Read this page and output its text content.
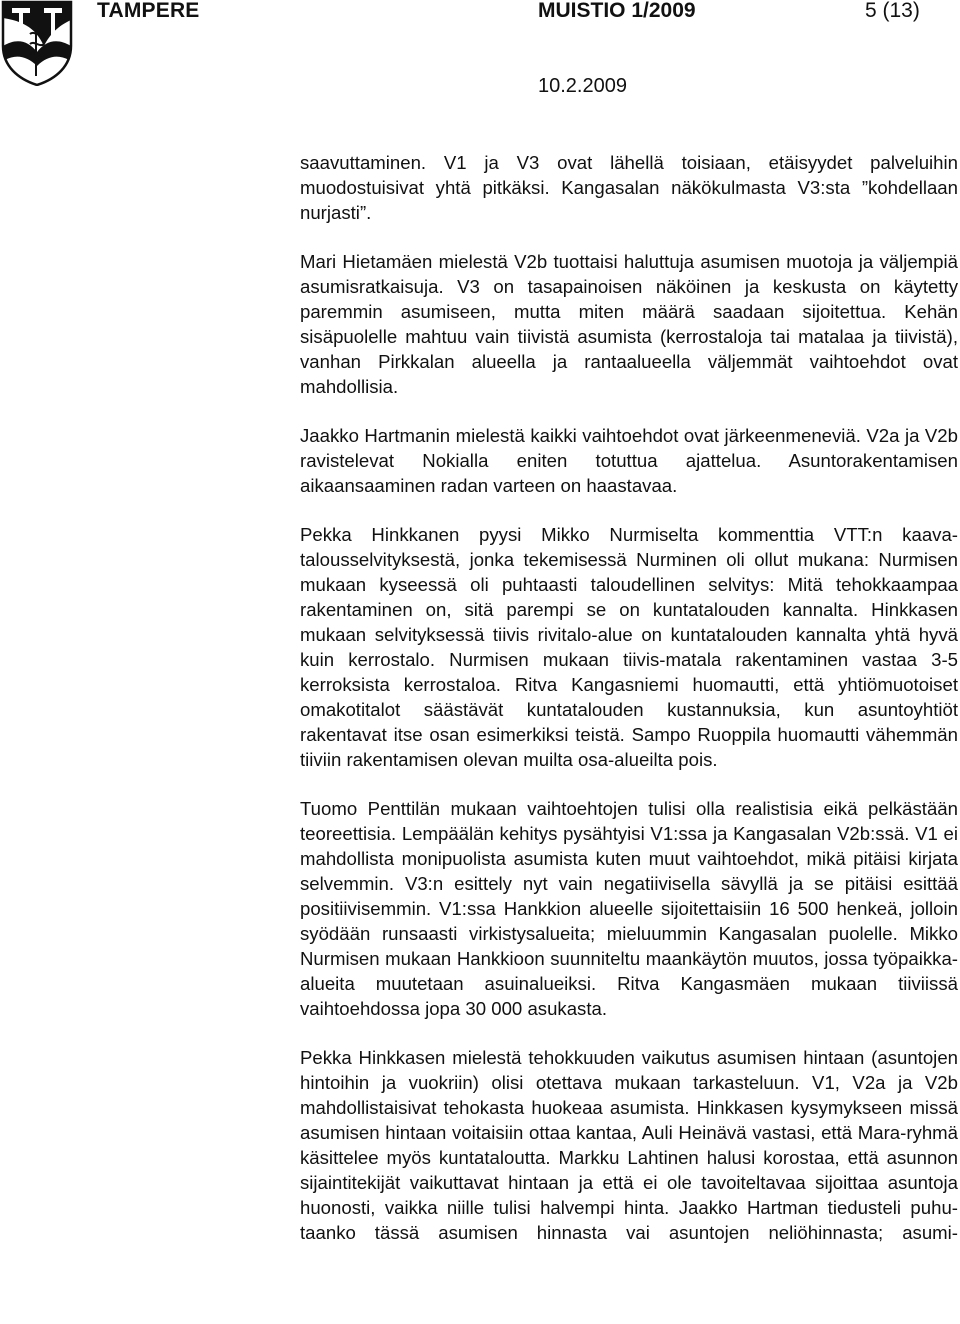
TAMPERE	MUISTIO 1/2009	5 (13)
10.2.2009

saavuttaminen. V1 ja V3 ovat lähellä toisiaan, etäisyydet palveluihin muodostuisivat yhtä pitkäksi. Kangasalan näkökulmasta V3:sta ”kohdellaan nurjasti”.

Mari Hietamäen mielestä V2b tuottaisi haluttuja asumisen muotoja ja väljempiä asumisratkaisuja. V3 on tasapainoisen näköinen ja keskusta on käytetty paremmin asumiseen, mutta miten määrä saadaan sijoitettua. Kehän sisäpuolelle mahtuu vain tiivistä asumista (kerrostaloja tai matalaa ja tiivistä), vanhan Pirkkalan alueella ja rantaalueella väljemmät vaihtoehdot ovat mahdollisia.

Jaakko Hartmanin mielestä kaikki vaihtoehdot ovat järkeenmeneviä. V2a ja V2b ravistelevat Nokialla eniten totuttua ajattelua. Asuntorakentamisen aikaansaaminen radan varteen on haastavaa.

Pekka Hinkkanen pyysi Mikko Nurmiselta kommenttia VTT:n kaavatalousselvityksestä, jonka tekemisessä Nurminen oli ollut mukana: Nurmisen mukaan kyseessä oli puhtaasti taloudellinen selvitys: Mitä tehokkaampaa rakentaminen on, sitä parempi se on kuntatalouden kannalta. Hinkkasen mukaan selvityksessä tiivis rivitalo-alue on kuntatalouden kannalta yhtä hyvä kuin kerrostalo. Nurmisen mukaan tiivis-matala rakentaminen vastaa 3-5 kerroksista kerrostaloa. Ritva Kangasniemi huomautti, että yhtiömuotoiset omakotitalot säästävät kuntatalouden kustannuksia, kun asuntoyhtiöt rakentavat itse osan esimerkiksi teistä. Sampo Ruoppila huomautti vähemmän tiiviin rakentamisen olevan muilta osa-alueilta pois.

Tuomo Penttilän mukaan vaihtoehtojen tulisi olla realistisia eikä pelkästään teoreettisia. Lempäälän kehitys pysähtyisi V1:ssa ja Kangasalan V2b:ssä. V1 ei mahdollista monipuolista asumista kuten muut vaihtoehdot, mikä pitäisi kirjata selvemmin. V3:n esittely nyt vain negatiivisella sävyllä ja se pitäisi esittää positiivisemmin. V1:ssa Hankkion alueelle sijoitettaisiin 16 500 henkeä, jolloin syödään runsaasti virkistysalueita; mieluummin Kangasalan puolelle. Mikko Nurmisen mukaan Hankkioon suunniteltu maankäytön muutos, jossa työpaikka-alueita muutetaan asuinalueiksi. Ritva Kangasmäen mukaan tiiviissä vaihtoehdossa jopa 30 000 asukasta.

Pekka Hinkkasen mielestä tehokkuuden vaikutus asumisen hintaan (asuntojen hintoihin ja vuokriin) olisi otettava mukaan tarkasteluun. V1, V2a ja V2b mahdollistaisivat tehokasta huokeaa asumista. Hinkkasen kysymykseen missä asumisen hintaan voitaisiin ottaa kantaa, Auli Heinävä vastasi, että Mara-ryhmä käsittelee myös kuntataloutta. Markku Lahtinen halusi korostaa, että asunnon sijaintitekijät vaikuttavat hintaan ja että ei ole tavoiteltavaa sijoittaa asuntoja huonosti, vaikka niille tulisi halvempi hinta. Jaakko Hartman tiedusteli puhutaanko tässä asumisen hinnasta vai asuntojen neliöhinnasta; asumi-
